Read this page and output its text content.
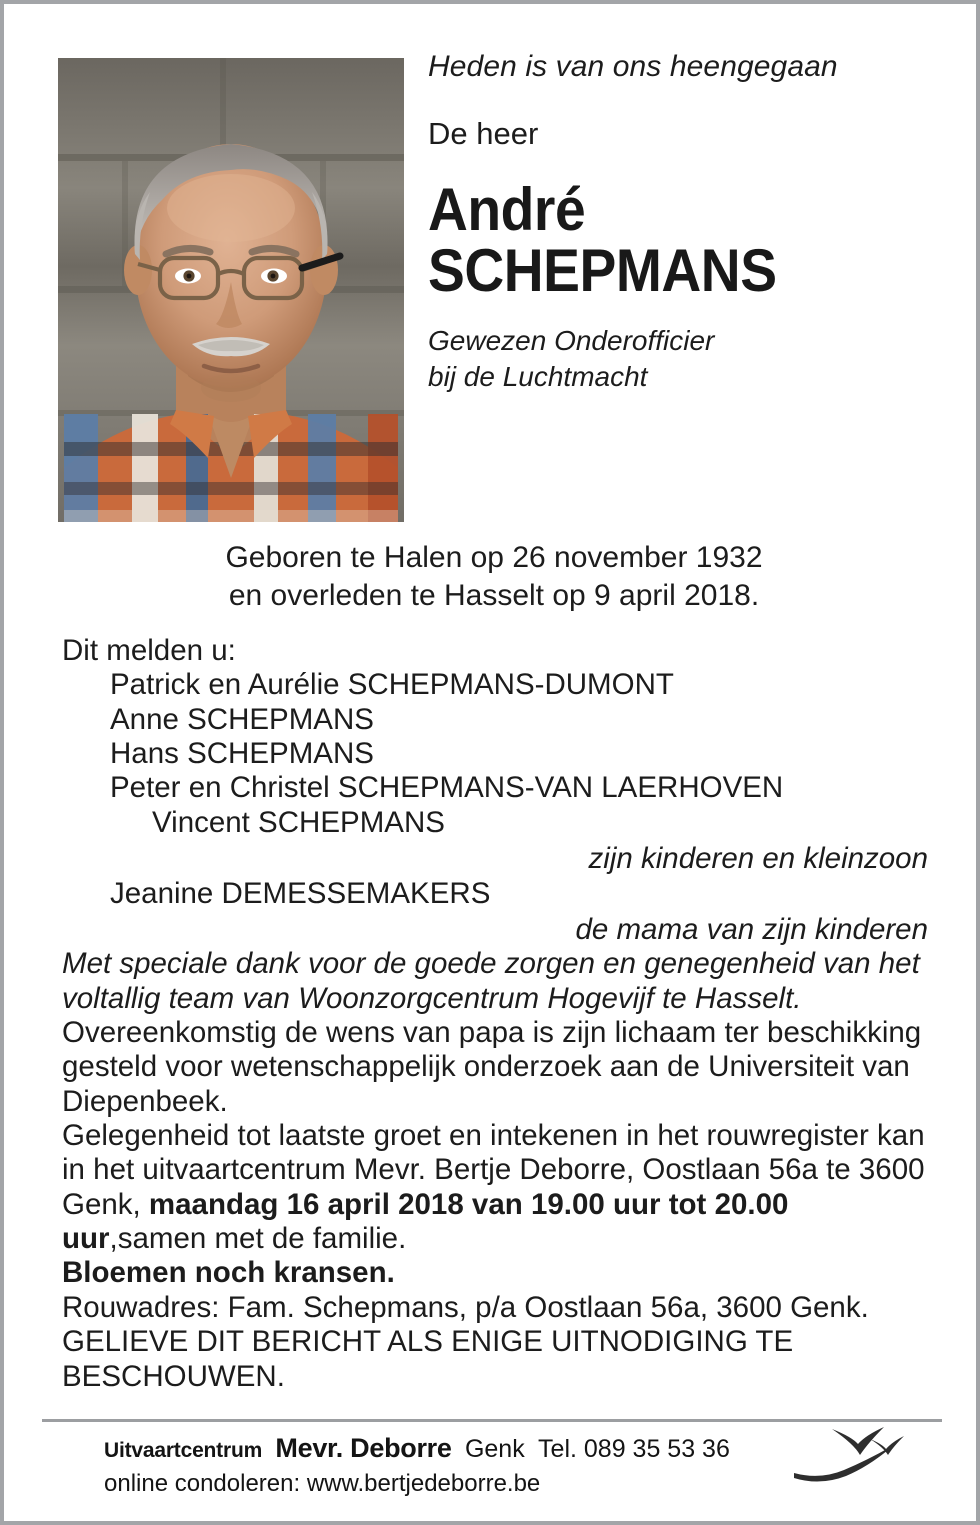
Heden is van ons heengegaan

De heer

André
SCHEPMANS

Gewezen Onderofficier
bij de Luchtmacht

Geboren te Halen op 26 november 1932
en overleden te Hasselt op 9 april 2018.

Dit melden u:

Patrick en Aurélie SCHEPMANS-DUMONT
Anne SCHEPMANS
Hans SCHEPMANS
Peter en Christel SCHEPMANS-VAN LAERHOVEN
Vincent SCHEPMANS

zijn kinderen en kleinzoon

Jeanine DEMESSEMAKERS

de mama van zijn kinderen

Met speciale dank voor de goede zorgen en genegenheid van het voltallig team van Woonzorgcentrum Hogevijf te Hasselt.

Overeenkomstig de wens van papa is zijn lichaam ter beschikking gesteld voor wetenschappelijk onderzoek aan de Universiteit van Diepenbeek.

Gelegenheid tot laatste groet en intekenen in het rouwregister kan in het uitvaartcentrum Mevr. Bertje Deborre, Oostlaan 56a te 3600 Genk, maandag 16 april 2018 van 19.00 uur tot 20.00 uur,samen met de familie.

Bloemen noch kransen.

Rouwadres: Fam. Schepmans, p/a Oostlaan 56a, 3600 Genk.

GELIEVE DIT BERICHT ALS ENIGE UITNODIGING TE BESCHOUWEN.

Uitvaartcentrum Mevr. Deborre Genk Tel. 089 35 53 36
online condoleren: www.bertjedeborre.be
